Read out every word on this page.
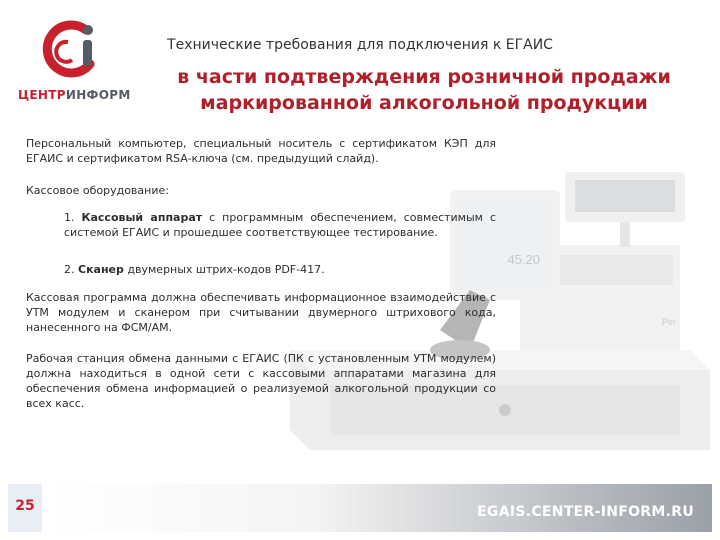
ЦЕНТРИНФОРМ
Технические требования для подключения к ЕГАИС
в части подтверждения розничной продажи
маркированной алкогольной продукции
45.20
Piri

Персональный компьютер, специальный носитель с сертификатом КЭП для ЕГАИС и сертификатом RSA-ключа (см. предыдущий слайд).

Кассовое оборудование:

1. Кассовый аппарат с программным обеспечением, совместимым с системой ЕГАИС и прошедшее соответствующее тестирование.

2. Сканер двумерных штрих-кодов PDF-417.

Кассовая программа должна обеспечивать информационное взаимодействие с УТМ модулем и сканером при считывании двумерного штрихового кода, нанесенного на ФСМ/АМ.

Рабочая станция обмена данными с ЕГАИС (ПК с установленным УТМ модулем) должна находиться в одной сети с кассовыми аппаратами магазина для обеспечения обмена информацией о реализуемой алкогольной продукции со всех касс.

25	EGAIS.CENTER-INFORM.RU
